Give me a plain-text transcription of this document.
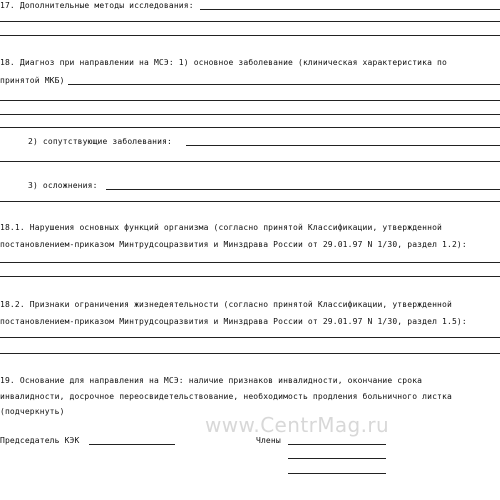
17. Дополнительные методы исследования:
18. Диагноз при направлении на МСЭ: 1) основное заболевание (клиническая характеристика по
принятой МКБ)
2) сопутствующие заболевания:
3) осложнения:
18.1. Нарушения основных функций организма (согласно принятой Классификации, утвержденной
постановлением-приказом Минтрудсоцразвития и Минздрава России от 29.01.97 N 1/30, раздел 1.2):
18.2. Признаки ограничения жизнедеятельности (согласно принятой Классификации, утвержденной
постановлением-приказом Минтрудсоцразвития и Минздрава России от 29.01.97 N 1/30, раздел 1.5):
19. Основание для направления на МСЭ: наличие признаков инвалидности, окончание срока
инвалидности, досрочное переосвидетельствование, необходимость продления больничного листка
(подчеркнуть)
www.CentrMag.ru
Председатель КЭК	Члены
